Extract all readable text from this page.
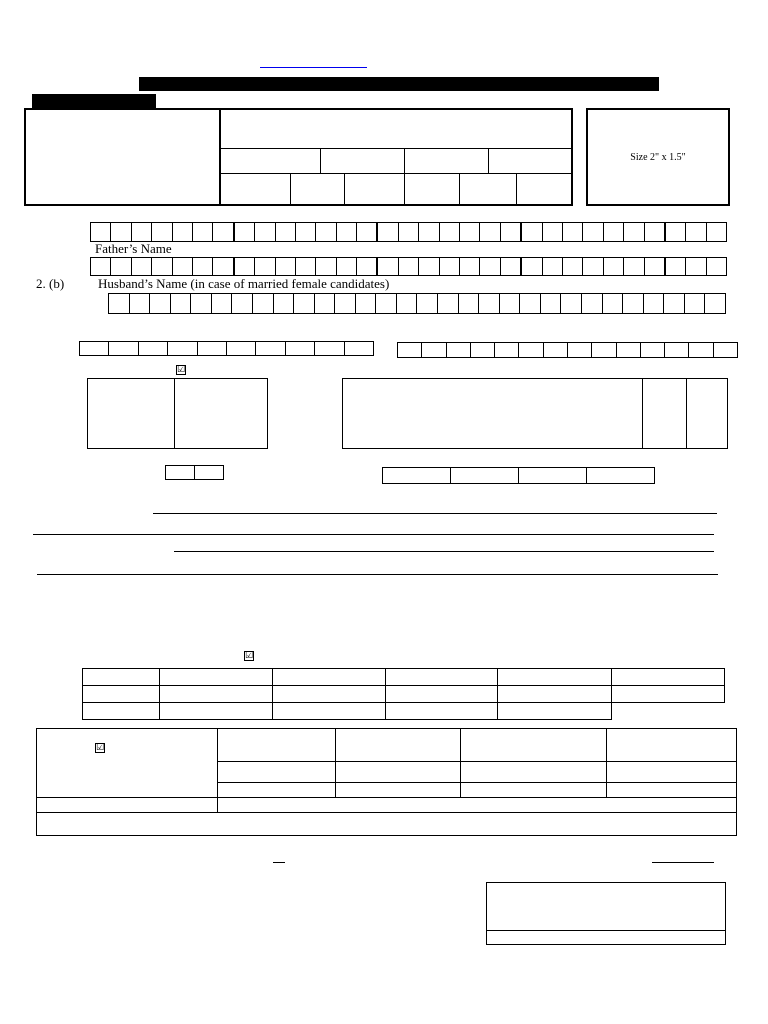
Size 2" x 1.5"
Father’s Name
2. (b)	Husband’s Name (in case of married female candidates)
☑
☑

☑
